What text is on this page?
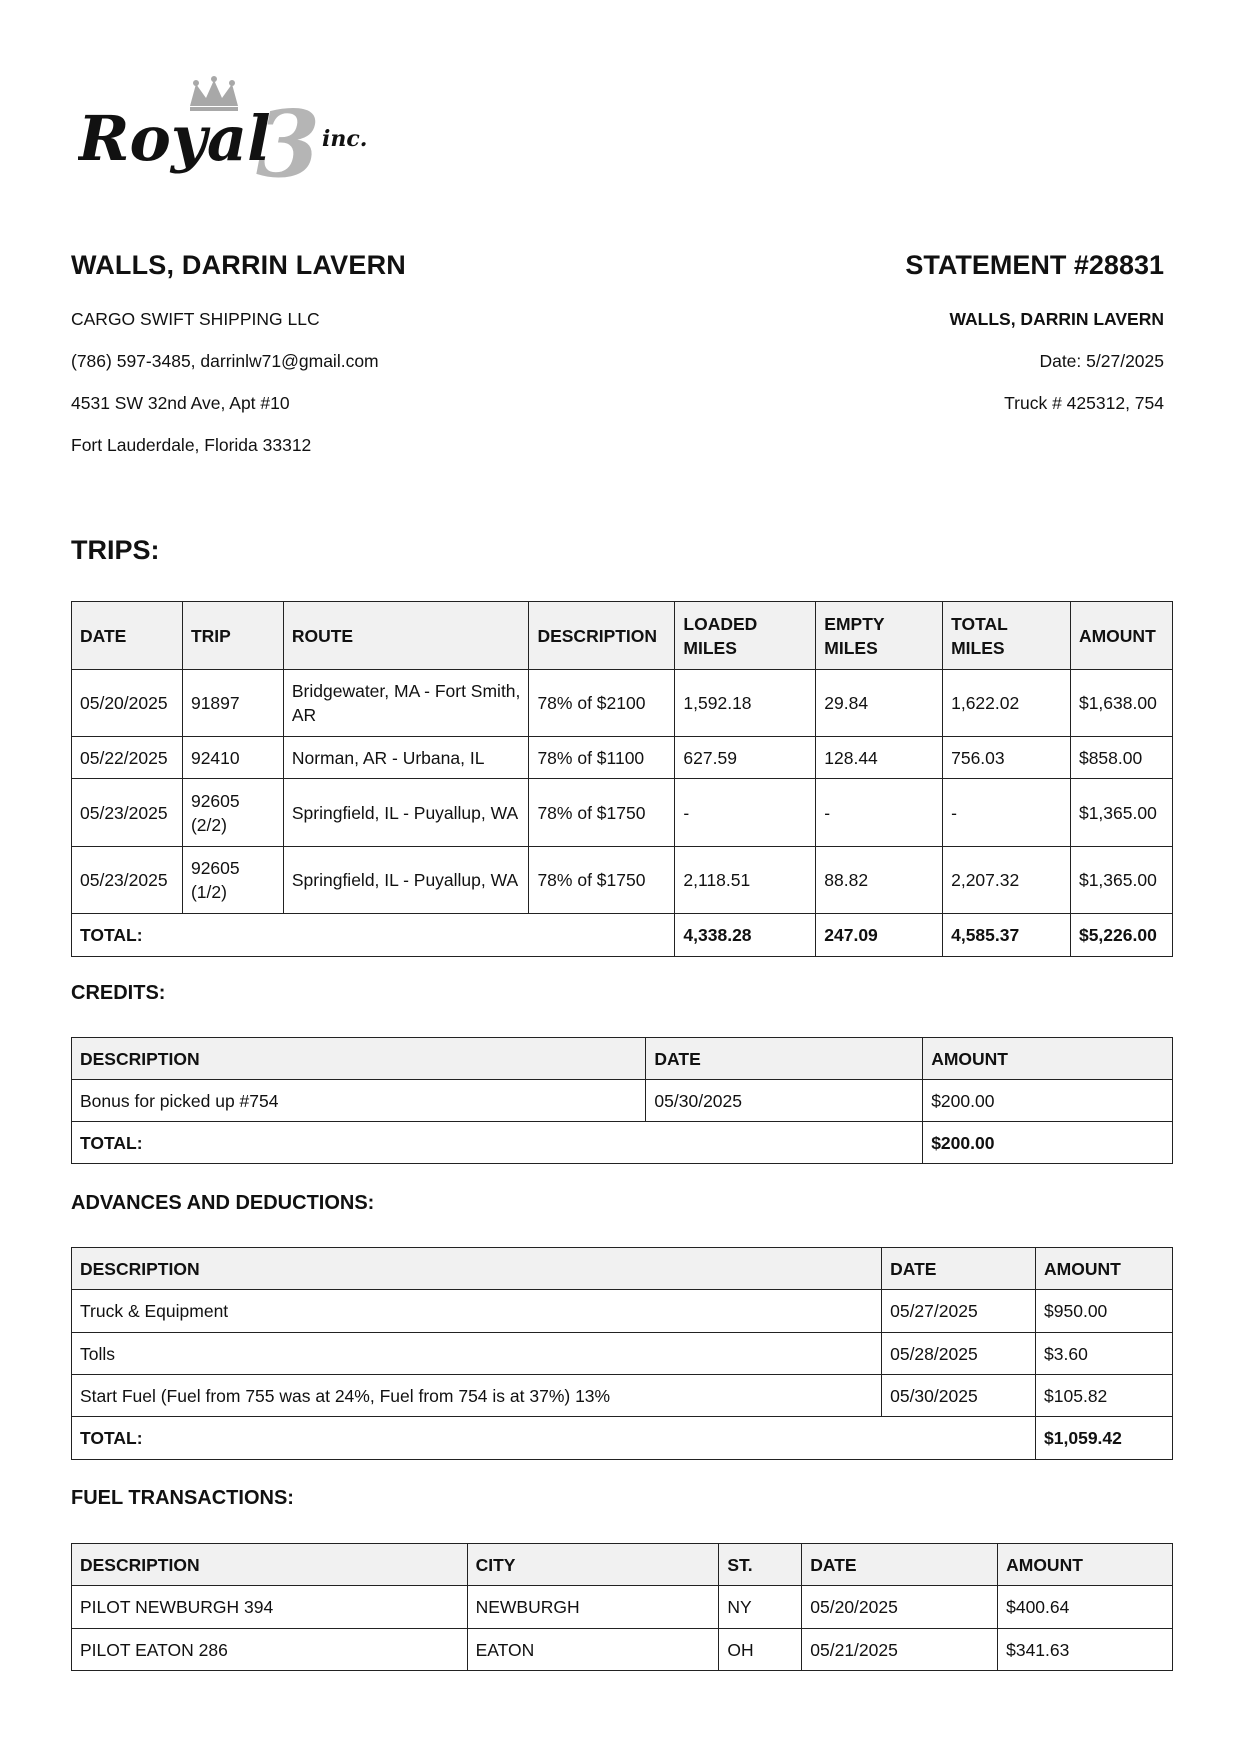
3
Royal inc.
WALLS, DARRIN LAVERN
CARGO SWIFT SHIPPING LLC
(786) 597-3485, darrinlw71@gmail.com
4531 SW 32nd Ave, Apt #10
Fort Lauderdale, Florida 33312
STATEMENT #28831
WALLS, DARRIN LAVERN
Date: 5/27/2025
Truck # 425312, 754
TRIPS:
DATE	TRIP	ROUTE	DESCRIPTION	LOADED MILES	EMPTY MILES	TOTAL MILES	AMOUNT
05/20/2025	91897	Bridgewater, MA - Fort Smith, AR	78% of $2100	1,592.18	29.84	1,622.02	$1,638.00
05/22/2025	92410	Norman, AR - Urbana, IL	78% of $1100	627.59	128.44	756.03	$858.00
05/23/2025	92605 (2/2)	Springfield, IL - Puyallup, WA	78% of $1750	-	-	-	$1,365.00
05/23/2025	92605 (1/2)	Springfield, IL - Puyallup, WA	78% of $1750	2,118.51	88.82	2,207.32	$1,365.00
TOTAL:				4,338.28	247.09	4,585.37	$5,226.00
CREDITS:
DESCRIPTION	DATE	AMOUNT
Bonus for picked up #754	05/30/2025	$200.00
TOTAL:		$200.00
ADVANCES AND DEDUCTIONS:
DESCRIPTION	DATE	AMOUNT
Truck & Equipment	05/27/2025	$950.00
Tolls	05/28/2025	$3.60
Start Fuel (Fuel from 755 was at 24%, Fuel from 754 is at 37%) 13%	05/30/2025	$105.82
TOTAL:		$1,059.42
FUEL TRANSACTIONS:
DESCRIPTION	CITY	ST.	DATE	AMOUNT
PILOT NEWBURGH 394	NEWBURGH	NY	05/20/2025	$400.64
PILOT EATON 286	EATON	OH	05/21/2025	$341.63
